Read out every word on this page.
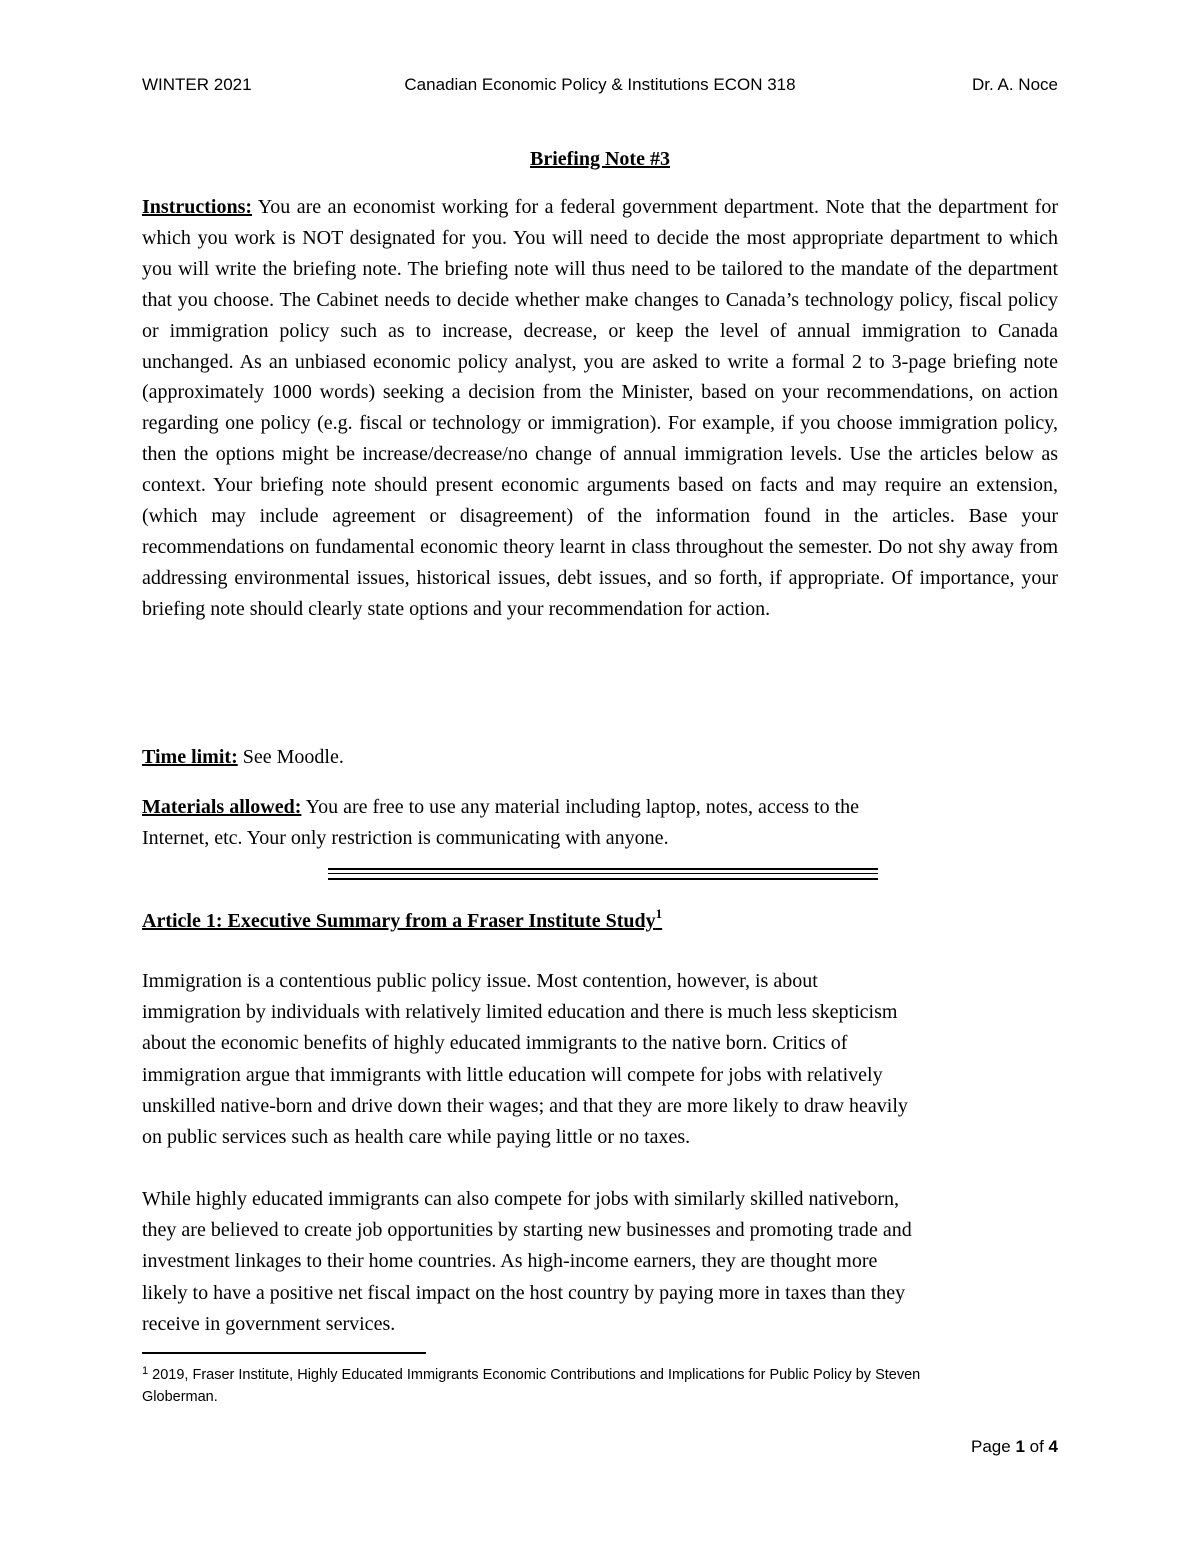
WINTER 2021	Canadian Economic Policy & Institutions ECON 318	Dr. A. Noce
Briefing Note #3

Instructions: You are an economist working for a federal government department. Note that the department for which you work is NOT designated for you. You will need to decide the most appropriate department to which you will write the briefing note. The briefing note will thus need to be tailored to the mandate of the department that you choose. The Cabinet needs to decide whether make changes to Canada’s technology policy, fiscal policy or immigration policy such as to increase, decrease, or keep the level of annual immigration to Canada unchanged. As an unbiased economic policy analyst, you are asked to write a formal 2 to 3-page briefing note (approximately 1000 words) seeking a decision from the Minister, based on your recommendations, on action regarding one policy (e.g. fiscal or technology or immigration). For example, if you choose immigration policy, then the options might be increase/decrease/no change of annual immigration levels. Use the articles below as context. Your briefing note should present economic arguments based on facts and may require an extension, (which may include agreement or disagreement) of the information found in the articles. Base your recommendations on fundamental economic theory learnt in class throughout the semester. Do not shy away from addressing environmental issues, historical issues, debt issues, and so forth, if appropriate. Of importance, your briefing note should clearly state options and your recommendation for action.

Time limit: See Moodle.

Materials allowed: You are free to use any material including laptop, notes, access to the
Internet, etc. Your only restriction is communicating with anyone.

Article 1: Executive Summary from a Fraser Institute Study$^1$

Immigration is a contentious public policy issue. Most contention, however, is about
immigration by individuals with relatively limited education and there is much less skepticism
about the economic benefits of highly educated immigrants to the native born. Critics of
immigration argue that immigrants with little education will compete for jobs with relatively
unskilled native-born and drive down their wages; and that they are more likely to draw heavily
on public services such as health care while paying little or no taxes.

While highly educated immigrants can also compete for jobs with similarly skilled nativeborn,
they are believed to create job opportunities by starting new businesses and promoting trade and
investment linkages to their home countries. As high-income earners, they are thought more
likely to have a positive net fiscal impact on the host country by paying more in taxes than they
receive in government services.

$^1$ 2019, Fraser Institute, Highly Educated Immigrants Economic Contributions and Implications for Public Policy by Steven
Globerman.

Page 1 of 4
